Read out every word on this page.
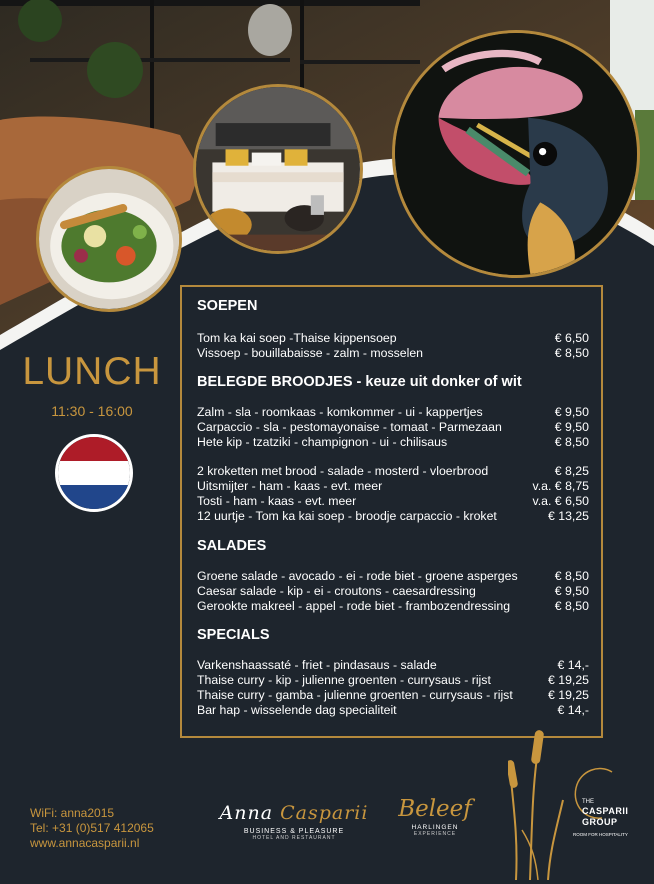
LUNCH
11:30 - 16:00
SOEPEN
Tom ka kai soep -Thaise kippensoep	€ 6,50
Vissoep - bouillabaisse - zalm - mosselen	€ 8,50
BELEGDE BROODJES - keuze uit donker of wit
Zalm - sla - roomkaas - komkommer - ui - kappertjes	€ 9,50
Carpaccio - sla - pestomayonaise - tomaat - Parmezaan	€ 9,50
Hete kip - tzatziki - champignon - ui - chilisaus	€ 8,50
2 kroketten met brood - salade - mosterd - vloerbrood	€ 8,25
Uitsmijter - ham - kaas - evt. meer	v.a. € 8,75
Tosti - ham - kaas - evt. meer	v.a. € 6,50
12 uurtje - Tom ka kai soep - broodje carpaccio - kroket	€ 13,25
SALADES
Groene salade - avocado - ei - rode biet - groene asperges	€ 8,50
Caesar salade - kip - ei - croutons - caesardressing	€ 9,50
Gerookte makreel - appel - rode biet - frambozendressing	€ 8,50
SPECIALS
Varkenshaassaté - friet - pindasaus - salade	€ 14,-
Thaise curry - kip - julienne groenten - currysaus - rijst	€ 19,25
Thaise curry - gamba - julienne groenten - currysaus - rijst	€ 19,25
Bar hap - wisselende dag specialiteit	€ 14,-
WiFi: anna2015
Tel: +31 (0)517 412065
www.annacasparii.nl
Anna Casparii
BUSINESS & PLEASURE
HOTEL AND RESTAURANT
Beleef
HARLINGEN
EXPERIENCE
THE
CASPARII
GROUP
ROOM FOR HOSPITALITY
